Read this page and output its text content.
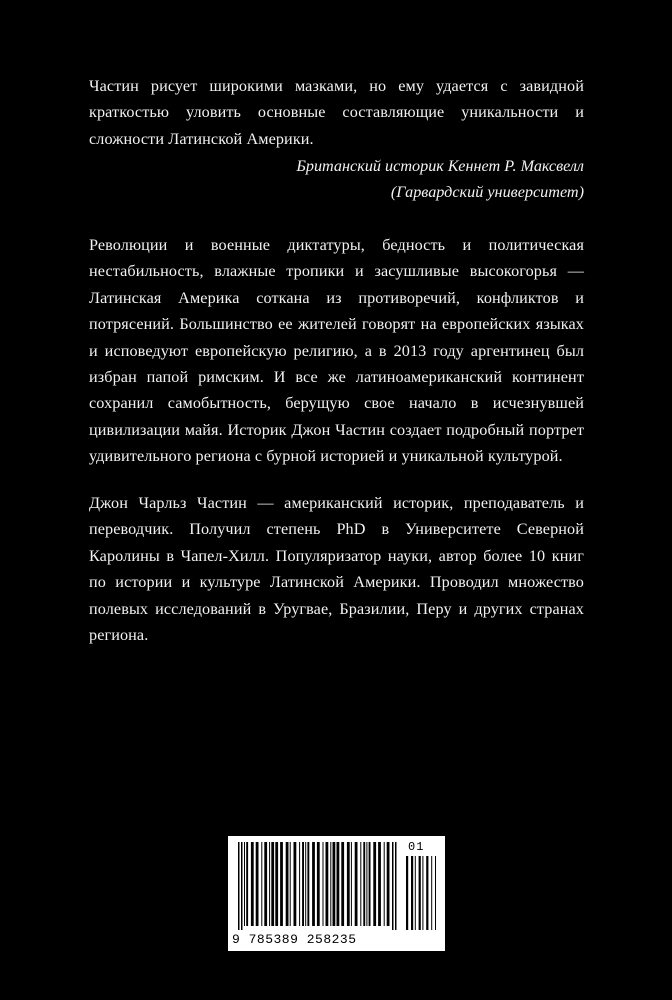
Частин рисует широкими мазками, но ему удается с завидной краткостью уловить основные составляющие уникальности и сложности Латинской Америки.

Британский историк Кеннет Р. Максвелл
(Гарвардский университет)

Революции и военные диктатуры, бедность и политическая нестабильность, влажные тропики и засушливые высокогорья — Латинская Америка соткана из противоречий, конфликтов и потрясений. Большинство ее жителей говорят на европейских языках и исповедуют европейскую религию, а в 2013 году аргентинец был избран папой римским. И все же латиноамериканский континент сохранил самобытность, берущую свое начало в исчезнувшей цивилизации майя. Историк Джон Частин создает подробный портрет удивительного региона с бурной историей и уникальной культурой.

Джон Чарльз Частин — американский историк, преподаватель и переводчик. Получил степень PhD в Университете Северной Каролины в Чапел-Хилл. Популяризатор науки, автор более 10 книг по истории и культуре Латинской Америки. Проводил множество полевых исследований в Уругвае, Бразилии, Перу и других странах региона.

01
9 785389 258235
